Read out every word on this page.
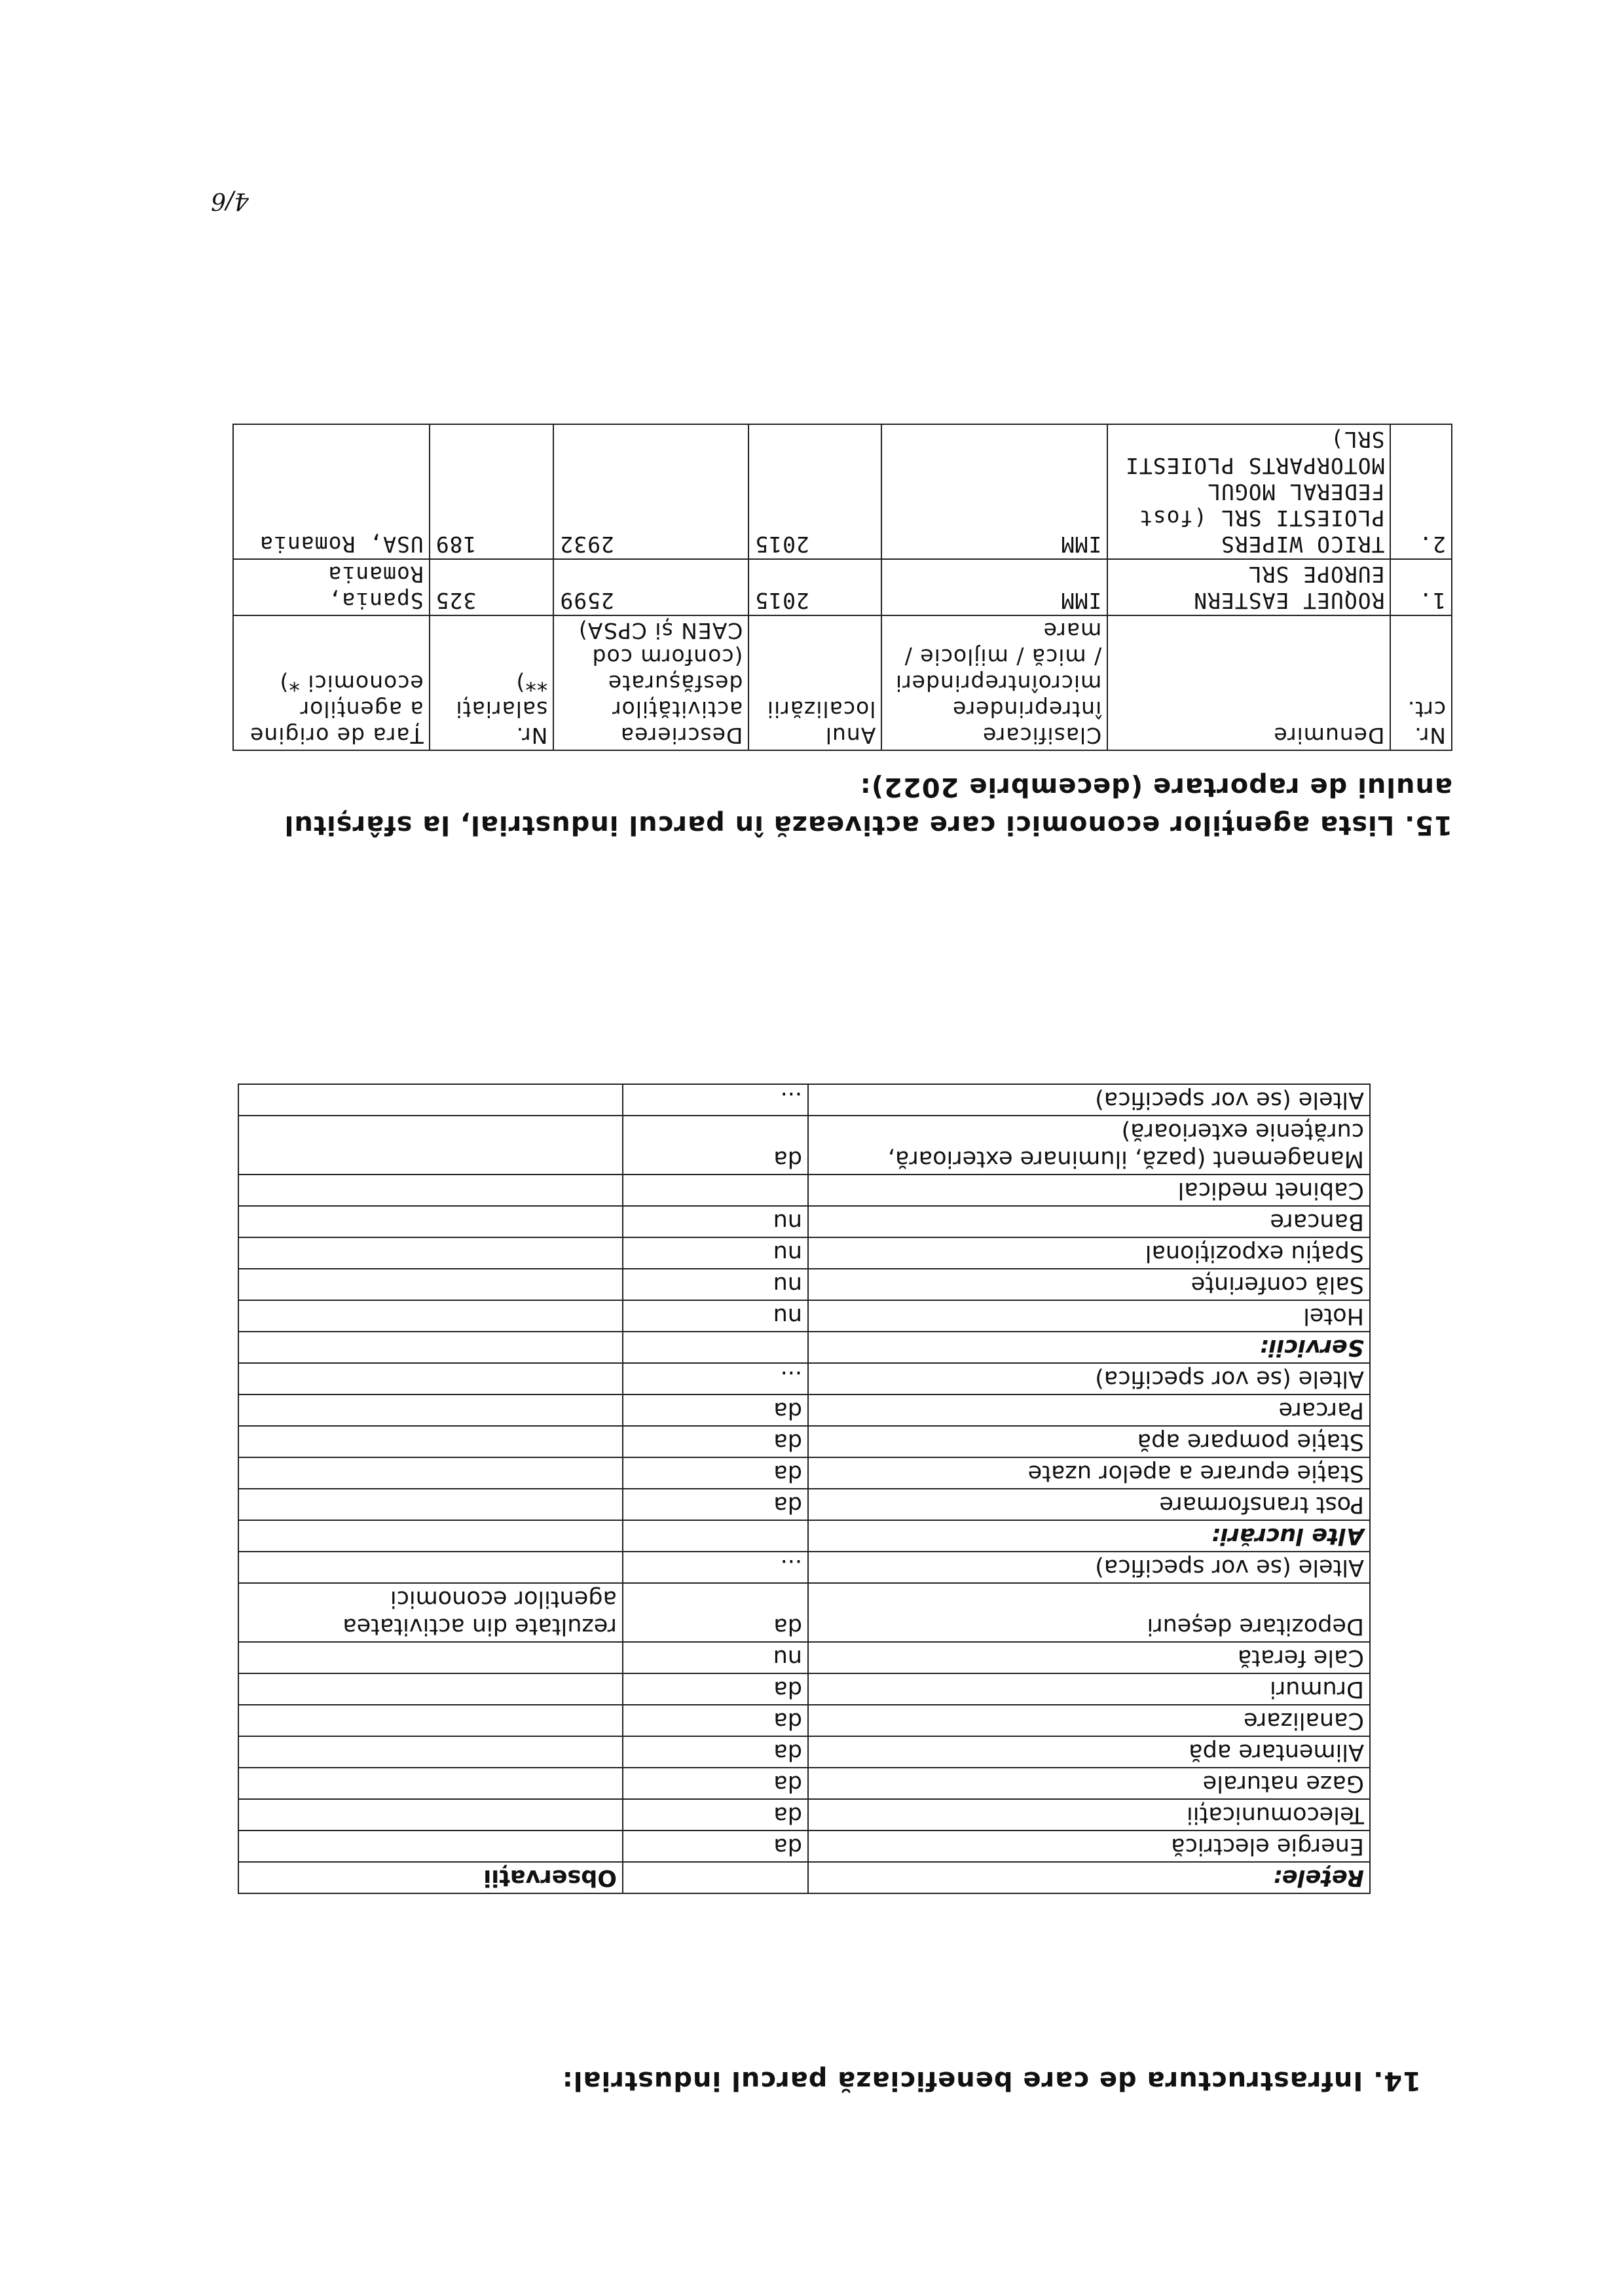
14. Infrastructura de care beneficiază parcul industrial:
Rețele:		Observații
Energie electrică	da	
Telecomunicații	da	
Gaze naturale	da	
Alimentare apă	da	
Canalizare	da	
Drumuri	da	
Cale ferată	nu	
Depozitare deșeuri	da	rezultate din activitatea agentilor economici
Altele (se vor specifica)	...	
Alte lucrări:		
Post transformare	da	
Stație epurare a apelor uzate	da	
Stație pompare apă	da	
Parcare	da	
Altele (se vor specifica)	...	
Servicii:		
Hotel	nu	
Sală conferințe	nu	
Spațiu expozițional	nu	
Bancare	nu	
Cabinet medical		
Management (pază, iluminare exterioară, curățenie exterioară)	da	
Altele (se vor specifica)	...	
15. Lista agenților economici care activează în parcul industrial, la sfârșitul anului de raportare (decembrie 2022):
Nr. crt.	Denumire	Clasificare întreprindere microîntreprinderi / mică / mijlocie / mare	Anul localizării	Descrierea activităților desfășurate (conform cod CAEN și CPSA)	Nr. salariați **)	Țara de origine a agenților economici *)
1.	ROQUET EASTERN EUROPE SRL	IMM	2015	2599	325	Spania, Romania
2.	TRICO WIPERS PLOIESTI SRL (fost FEDERAL MOGUL MOTORPARTS PLOIESTI SRL)	IMM	2015	2932	189	USA, Romania
4/6
